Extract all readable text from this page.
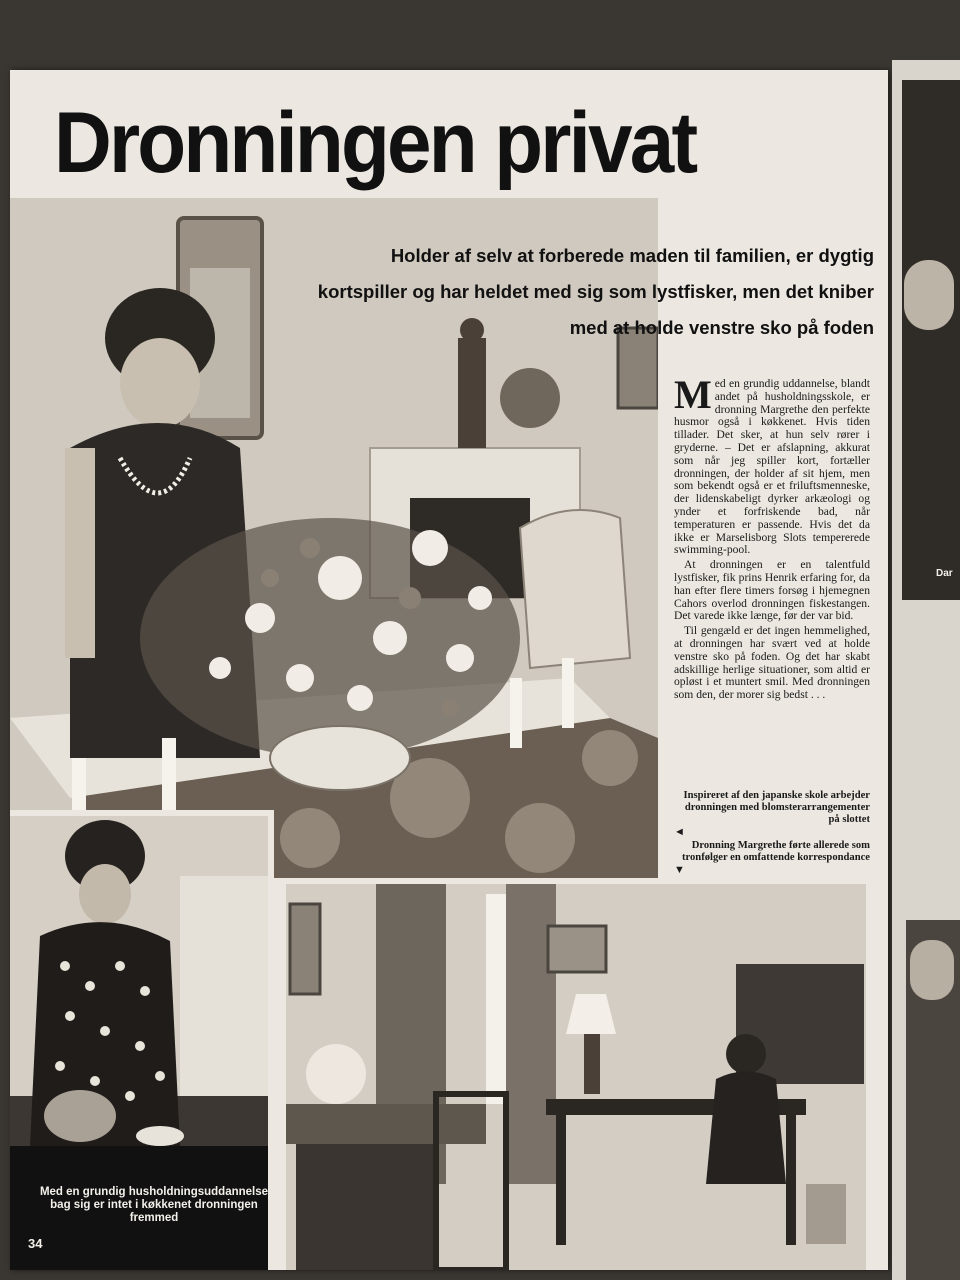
Dronningen privat

Holder af selv at forberede maden til familien, er dygtig kortspiller og har heldet med sig som lystfisker, men det kniber med at holde venstre sko på foden

Med en grundig uddannelse, blandt andet på husholdningsskole, er dronning Margrethe den perfekte husmor også i køkkenet. Hvis tiden tillader. Det sker, at hun selv rører i gryderne. – Det er afslapning, akkurat som når jeg spiller kort, fortæller dronningen, der holder af sit hjem, men som bekendt også er et friluftsmenneske, der lidenskabeligt dyrker arkæologi og ynder et forfriskende bad, når temperaturen er passende. Hvis det da ikke er Marselisborg Slots tempererede swimming-pool.

At dronningen er en talentfuld lystfisker, fik prins Henrik erfaring for, da han efter flere timers forsøg i hjemegnen Cahors overlod dronningen fiskestangen. Det varede ikke længe, før der var bid.

Til gengæld er det ingen hemmelighed, at dronningen har svært ved at holde venstre sko på foden. Og det har skabt adskillige herlige situationer, som altid er opløst i et muntert smil. Med dronningen som den, der morer sig bedst . . .

Inspireret af den japanske skole arbejder dronningen med blomsterarrangementer på slottet
◄
Dronning Margrethe førte allerede som tronfølger en omfattende korrespondance
▼
Med en grundig husholdningsuddannelse bag sig er intet i køkkenet dronningen fremmed
34
Dar
